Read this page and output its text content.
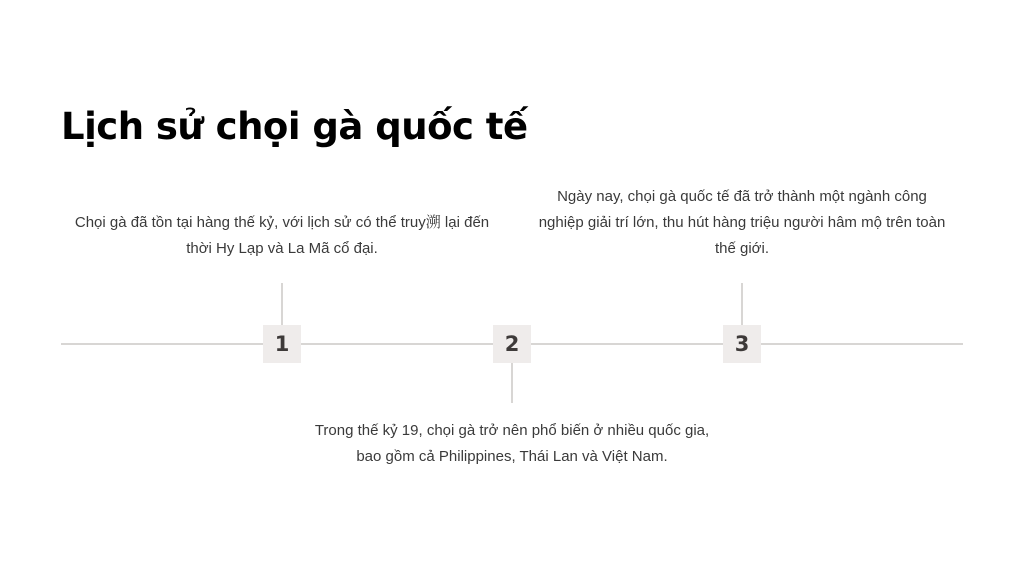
Lịch sử chọi gà quốc tế

Chọi gà đã tồn tại hàng thế kỷ, với lịch sử có thể truy溯 lại đến thời Hy Lạp và La Mã cổ đại.

1	2

Trong thế kỷ 19, chọi gà trở nên phổ biến ở nhiều quốc gia, bao gồm cả Philippines, Thái Lan và Việt Nam.

Ngày nay, chọi gà quốc tế đã trở thành một ngành công nghiệp giải trí lớn, thu hút hàng triệu người hâm mộ trên toàn thế giới.

3
